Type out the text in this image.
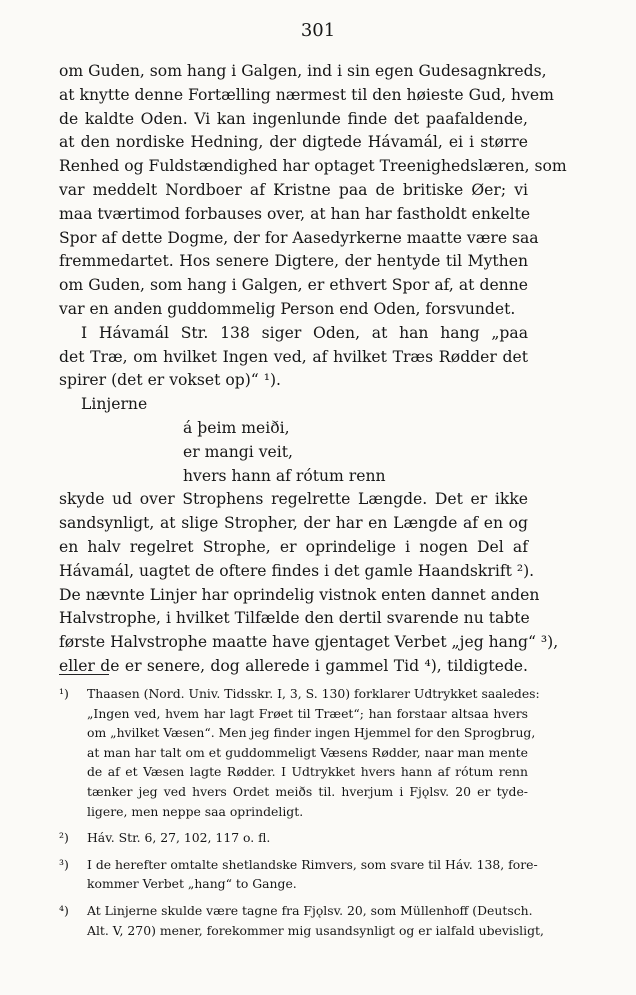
301
om Guden, som hang i Galgen, ind i sin egen Gudesagnkreds,
at knytte denne Fortælling nærmest til den høieste Gud, hvem
de kaldte Oden. Vi kan ingenlunde finde det paafaldende,
at den nordiske Hedning, der digtede Hávamál, ei i større
Renhed og Fuldstændighed har optaget Treenighedslæren, som
var meddelt Nordboer af Kristne paa de britiske Øer; vi
maa tværtimod forbauses over, at han har fastholdt enkelte
Spor af dette Dogme, der for Aasedyrkerne maatte være saa
fremmedartet. Hos senere Digtere, der hentyde til Mythen
om Guden, som hang i Galgen, er ethvert Spor af, at denne
var en anden guddommelig Person end Oden, forsvundet.
I Hávamál Str. 138 siger Oden, at han hang „paa
det Træ, om hvilket Ingen ved, af hvilket Træs Rødder det
spirer (det er vokset op)“ ¹).
Linjerne
á þeim meiði,
er mangi veit,
hvers hann af rótum renn
skyde ud over Strophens regelrette Længde. Det er ikke
sandsynligt, at slige Stropher, der har en Længde af en og
en halv regelret Strophe, er oprindelige i nogen Del af
Hávamál, uagtet de oftere findes i det gamle Haandskrift ²).
De nævnte Linjer har oprindelig vistnok enten dannet anden
Halvstrophe, i hvilket Tilfælde den dertil svarende nu tabte
første Halvstrophe maatte have gjentaget Verbet „jeg hang“ ³),
eller de er senere, dog allerede i gammel Tid ⁴), tildigtede.
¹) Thaasen (Nord. Univ. Tidsskr. I, 3, S. 130) forklarer Udtrykket saaledes:
„Ingen ved, hvem har lagt Frøet til Træet“; han forstaar altsaa hvers
om „hvilket Væsen“. Men jeg finder ingen Hjemmel for den Sprogbrug,
at man har talt om et guddommeligt Væsens Rødder, naar man mente
de af et Væsen lagte Rødder. I Udtrykket hvers hann af rótum renn
tænker jeg ved hvers Ordet meiðs til. hverjum i Fjǫlsv. 20 er tyde-
ligere, men neppe saa oprindeligt.
²) Háv. Str. 6, 27, 102, 117 o. fl.
³) I de herefter omtalte shetlandske Rimvers, som svare til Háv. 138, fore-
kommer Verbet „hang“ to Gange.
⁴) At Linjerne skulde være tagne fra Fjǫlsv. 20, som Müllenhoff (Deutsch.
Alt. V, 270) mener, forekommer mig usandsynligt og er ialfald ubevisligt,
